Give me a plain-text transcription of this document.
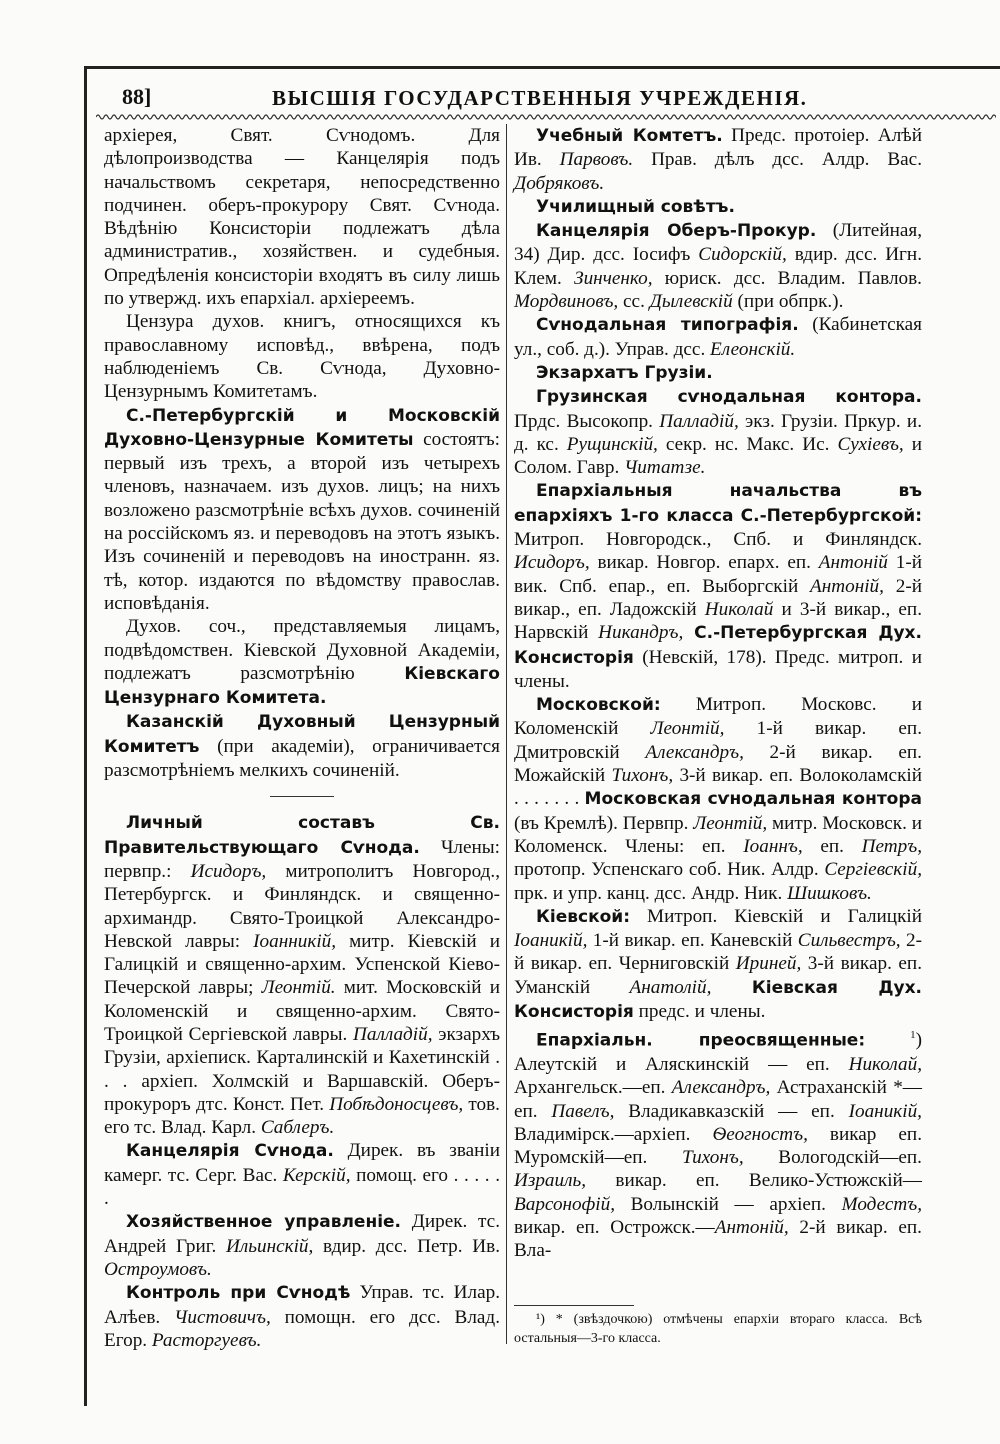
88]	ВЫСШІЯ ГОСУДАРСТВЕННЫЯ УЧРЕЖДЕНІЯ.

архіерея, Свят. Сѵнодомъ. Для дѣлопроизводства — Канцелярія подъ начальствомъ секретаря, непосредственно подчинен. оберъ-прокурору Свят. Сѵнода. Вѣдѣнію Консисторіи подлежатъ дѣла административ., хозяйствен. и судебныя. Опредѣленія консисторіи входятъ въ силу лишь по утвержд. ихъ епархіал. архіереемъ.

Цензура духов. книгъ, относящихся къ православному исповѣд., ввѣрена, подъ наблюденіемъ Св. Сѵнода, Духовно-Цензурнымъ Комитетамъ.

С.-Петербургскій и Московскій Духовно-Цензурные Комитеты состоятъ: первый изъ трехъ, а второй изъ четырехъ членовъ, назначаем. изъ духов. лицъ; на нихъ возложено разсмотрѣніе всѣхъ духов. сочиненій на россійскомъ яз. и переводовъ на этотъ языкъ. Изъ сочиненій и переводовъ на иностранн. яз. тѣ, котор. издаются по вѣдомству православ. исповѣданія.

Духов. соч., представляемыя лицамъ, подвѣдомствен. Кіевской Духовной Академіи, подлежатъ разсмотрѣнію Кіевскаго Цензурнаго Комитета.

Казанскій Духовный Цензурный Комитетъ (при академіи), ограничивается разсмотрѣніемъ мелкихъ сочиненій.

Личный составъ Св. Правительствующаго Сѵнода. Члены: первпр.: Исидоръ, митрополитъ Новгород., Петербургск. и Финляндск. и священно-архимандр. Свято-Троицкой Александро-Невской лавры: Іоанникій, митр. Кіевскій и Галицкій и священно-архим. Успенской Кіево-Печерской лавры; Леонтій. мит. Московскій и Коломенскій и священно-архим. Свято-Троицкой Сергіевской лавры. Палладій, экзархъ Грузіи, архіеписк. Карталинскій и Кахетинскій . . . архіеп. Холмскій и Варшавскій. Оберъ-прокуроръ дтс. Конст. Пет. Побѣдоносцевъ, тов. его тс. Влад. Карл. Саблеръ.

Канцелярія Сѵнода. Дирек. въ званіи камерг. тс. Серг. Вас. Керскій, помощ. его . . . . . .

Хозяйственное управленіе. Дирек. тс. Андрей Григ. Ильинскій, вдир. дсс. Петр. Ив. Остроумовъ.

Контроль при Сѵнодѣ Управ. тс. Илар. Алѣев. Чистовичъ, помощн. его дсс. Влад. Егор. Расторгуевъ.

Учебный Комтетъ. Предс. протоіер. Алѣй Ив. Парвовъ. Прав. дѣлъ дсс. Алдр. Вас. Добряковъ.

Училищный совѣтъ.

Канцелярія Оберъ-Прокур. (Литейная, 34) Дир. дсс. Іосифъ Сидорскій, вдир. дсс. Игн. Клем. Зинченко, юриск. дсс. Владим. Павлов. Мордвиновъ, сс. Дылевскій (при обпрк.).

Сѵнодальная типографія. (Кабинетская ул., соб. д.). Управ. дсс. Елеонскій.

Экзархатъ Грузіи.

Грузинская сѵнодальная контора. Прдс. Высокопр. Палладій, экз. Грузіи. Пркур. и. д. кс. Рущинскій, секр. нс. Макс. Ис. Сухіевъ, и Солом. Гавр. Читатзе.

Епархіальныя начальства въ епархіяхъ 1-го класса С.-Петербургской: Митроп. Новгородск., Спб. и Финляндск. Исидоръ, викар. Новгор. епарх. еп. Антоній 1-й вик. Спб. епар., еп. Выборгскій Антоній, 2-й викар., еп. Ладожскій Николай и 3-й викар., еп. Нарвскій Никандръ, С.-Петербургская Дух. Консисторія (Невскій, 178). Предс. митроп. и члены.

Московской: Митроп. Московс. и Коломенскій Леонтій, 1-й викар. еп. Дмитровскій Александръ, 2-й викар. еп. Можайскій Тихонъ, 3-й викар. еп. Волоколамскій . . . . . . . Московская сѵнодальная контора (въ Кремлѣ). Первпр. Леонтій, митр. Московск. и Коломенск. Члены: еп. Іоаннъ, еп. Петръ, протопр. Успенскаго соб. Ник. Алдр. Сергіевскій, прк. и упр. канц. дсс. Андр. Ник. Шишковъ.

Кіевской: Митроп. Кіевскій и Галицкій Іоаникій, 1-й викар. еп. Каневскій Сильвестръ, 2-й викар. еп. Черниговскій Ириней, 3-й викар. еп. Уманскій Анатолій, Кіевская Дух. Консисторія предс. и члены.

Епархіальн. преосвященные:	$^1$) Алеутскій и Аляскинскій — еп. Николай, Архангельск.—еп. Александръ, Астраханскій *—еп. Павелъ, Владикавказскій — еп. Іоаникій, Владимірск.—архіеп. Ѳеогностъ, викар еп. Муромскій—еп. Тихонъ, Вологодскій—еп. Израиль, викар. еп. Велико-Устюжскій—Варсонофій, Волынскій — архіеп. Модестъ, викар. еп. Острожск.—Антоній, 2-й викар. еп. Вла-

¹) * (звѣздочкою) отмѣчены епархіи втораго класса. Всѣ остальныя—3-го класса.
